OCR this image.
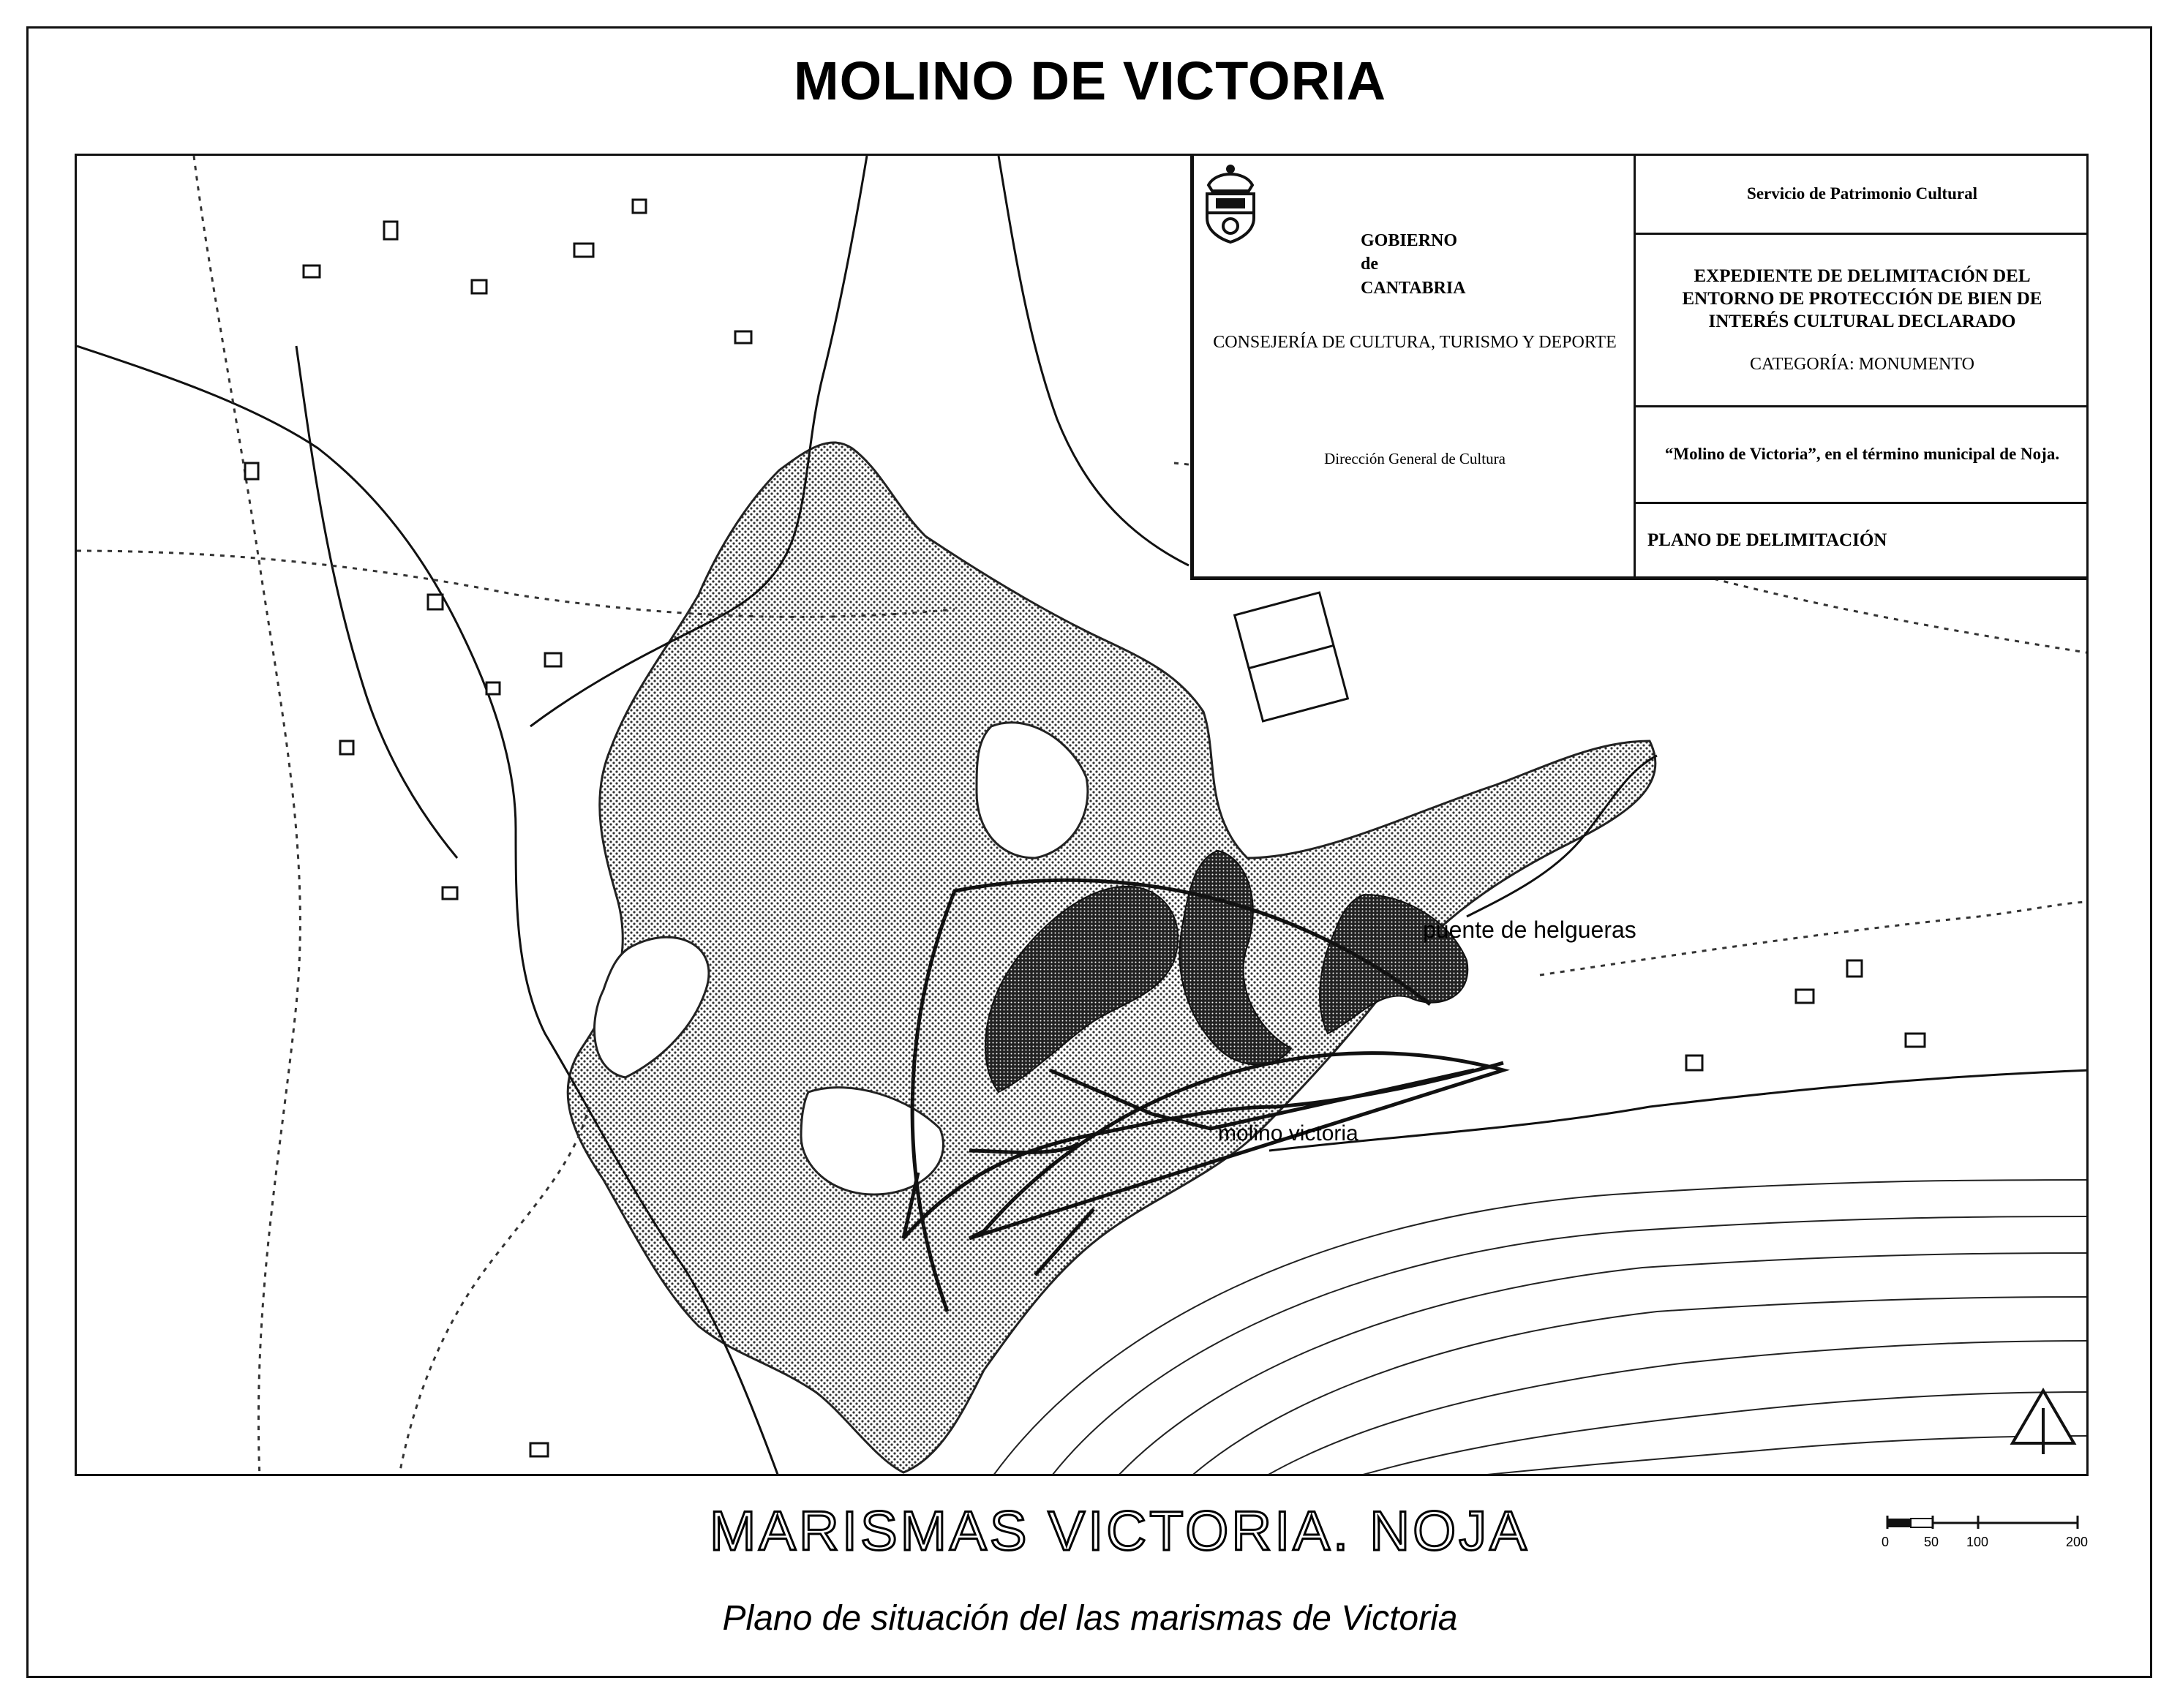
MOLINO DE VICTORIA
puente de helgueras
molino victoria
GOBIERNO
de
CANTABRIA
CONSEJERÍA DE CULTURA, TURISMO Y DEPORTE
Dirección General de Cultura
Servicio de Patrimonio Cultural
EXPEDIENTE DE DELIMITACIÓN DEL ENTORNO DE PROTECCIÓN DE BIEN DE INTERÉS CULTURAL DECLARADO
CATEGORÍA: MONUMENTO
“Molino de Victoria”, en el término municipal de Noja.
PLANO DE DELIMITACIÓN
MARISMAS VICTORIA. NOJA	0	50 100	200
Plano de situación del las marismas de Victoria
